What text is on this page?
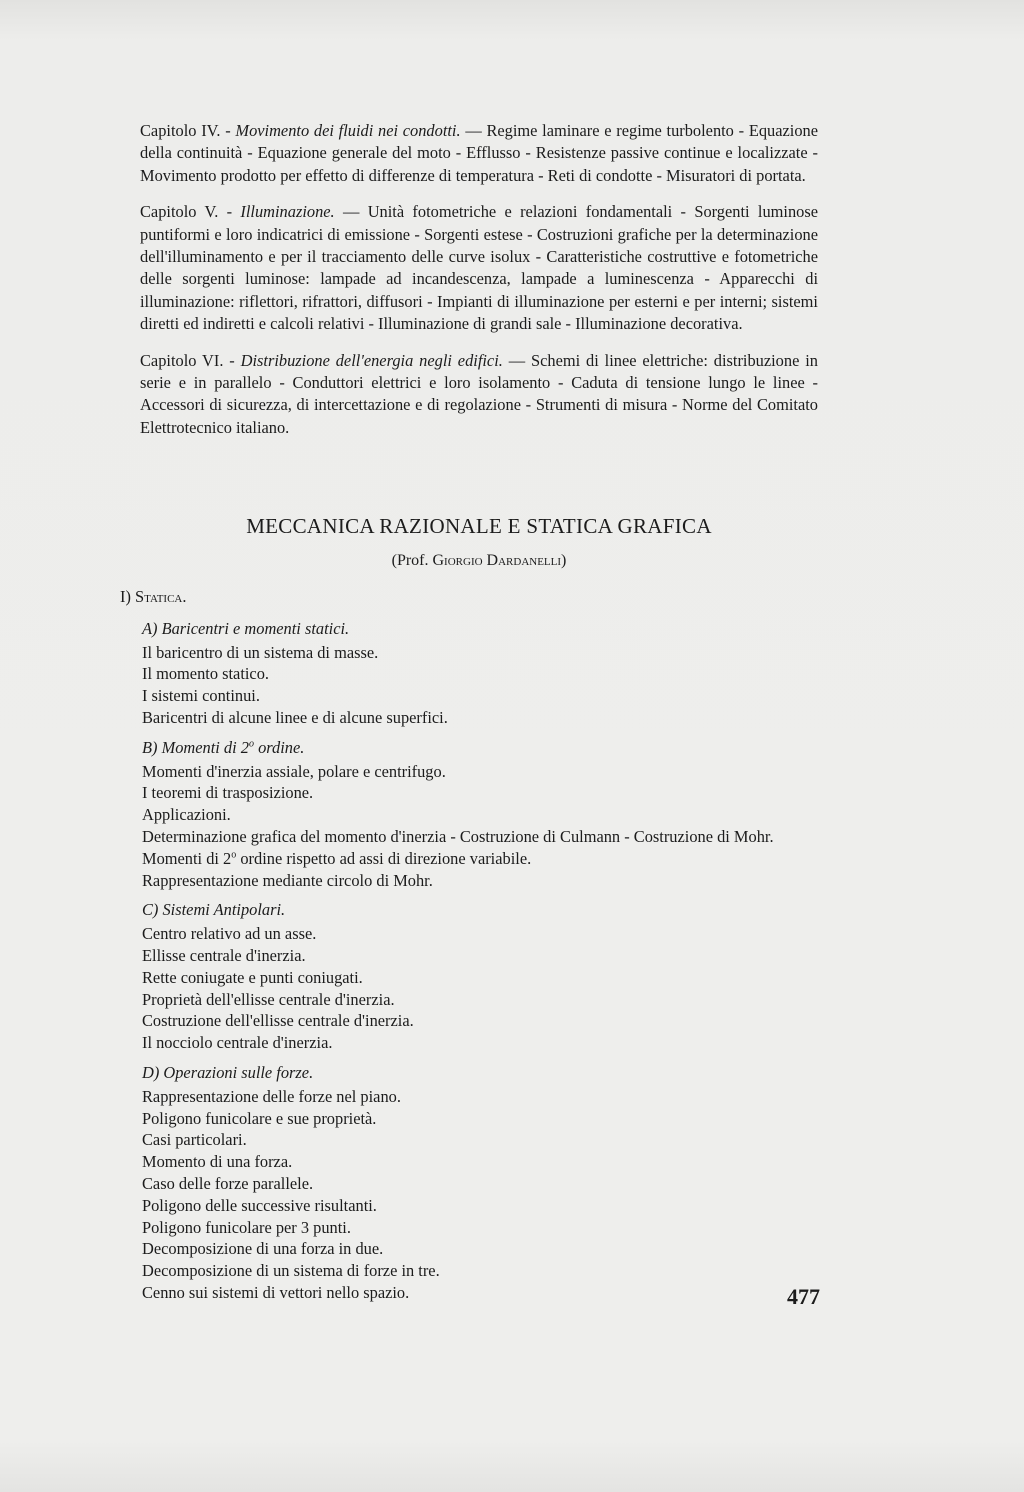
Capitolo IV. - Movimento dei fluidi nei condotti. — Regime laminare e regime turbolento - Equazione della continuità - Equazione generale del moto - Efflusso - Resistenze passive continue e localizzate - Movimento prodotto per effetto di differenze di temperatura - Reti di condotte - Misuratori di portata.

Capitolo V. - Illuminazione. — Unità fotometriche e relazioni fondamentali - Sorgenti luminose puntiformi e loro indicatrici di emissione - Sorgenti estese - Costruzioni grafiche per la determinazione dell'illuminamento e per il tracciamento delle curve isolux - Caratteristiche costruttive e fotometriche delle sorgenti luminose: lampade ad incandescenza, lampade a luminescenza - Apparecchi di illuminazione: riflettori, rifrattori, diffusori - Impianti di illuminazione per esterni e per interni; sistemi diretti ed indiretti e calcoli relativi - Illuminazione di grandi sale - Illuminazione decorativa.

Capitolo VI. - Distribuzione dell'energia negli edifici. — Schemi di linee elettriche: distribuzione in serie e in parallelo - Conduttori elettrici e loro isolamento - Caduta di tensione lungo le linee - Accessori di sicurezza, di intercettazione e di regolazione - Strumenti di misura - Norme del Comitato Elettrotecnico italiano.

MECCANICA RAZIONALE E STATICA GRAFICA
(Prof. Giorgio Dardanelli)
I) Statica.
A) Baricentri e momenti statici.
Il baricentro di un sistema di masse.
Il momento statico.
I sistemi continui.
Baricentri di alcune linee e di alcune superfici.
B) Momenti di 2$^o$ ordine.
Momenti d'inerzia assiale, polare e centrifugo.
I teoremi di trasposizione.
Applicazioni.
Determinazione grafica del momento d'inerzia - Costruzione di Culmann - Costruzione di Mohr.
Momenti di 2$^o$ ordine rispetto ad assi di direzione variabile.
Rappresentazione mediante circolo di Mohr.
C) Sistemi Antipolari.
Centro relativo ad un asse.
Ellisse centrale d'inerzia.
Rette coniugate e punti coniugati.
Proprietà dell'ellisse centrale d'inerzia.
Costruzione dell'ellisse centrale d'inerzia.
Il nocciolo centrale d'inerzia.
D) Operazioni sulle forze.
Rappresentazione delle forze nel piano.
Poligono funicolare e sue proprietà.
Casi particolari.
Momento di una forza.
Caso delle forze parallele.
Poligono delle successive risultanti.
Poligono funicolare per 3 punti.
Decomposizione di una forza in due.
Decomposizione di un sistema di forze in tre.
Cenno sui sistemi di vettori nello spazio.	477
